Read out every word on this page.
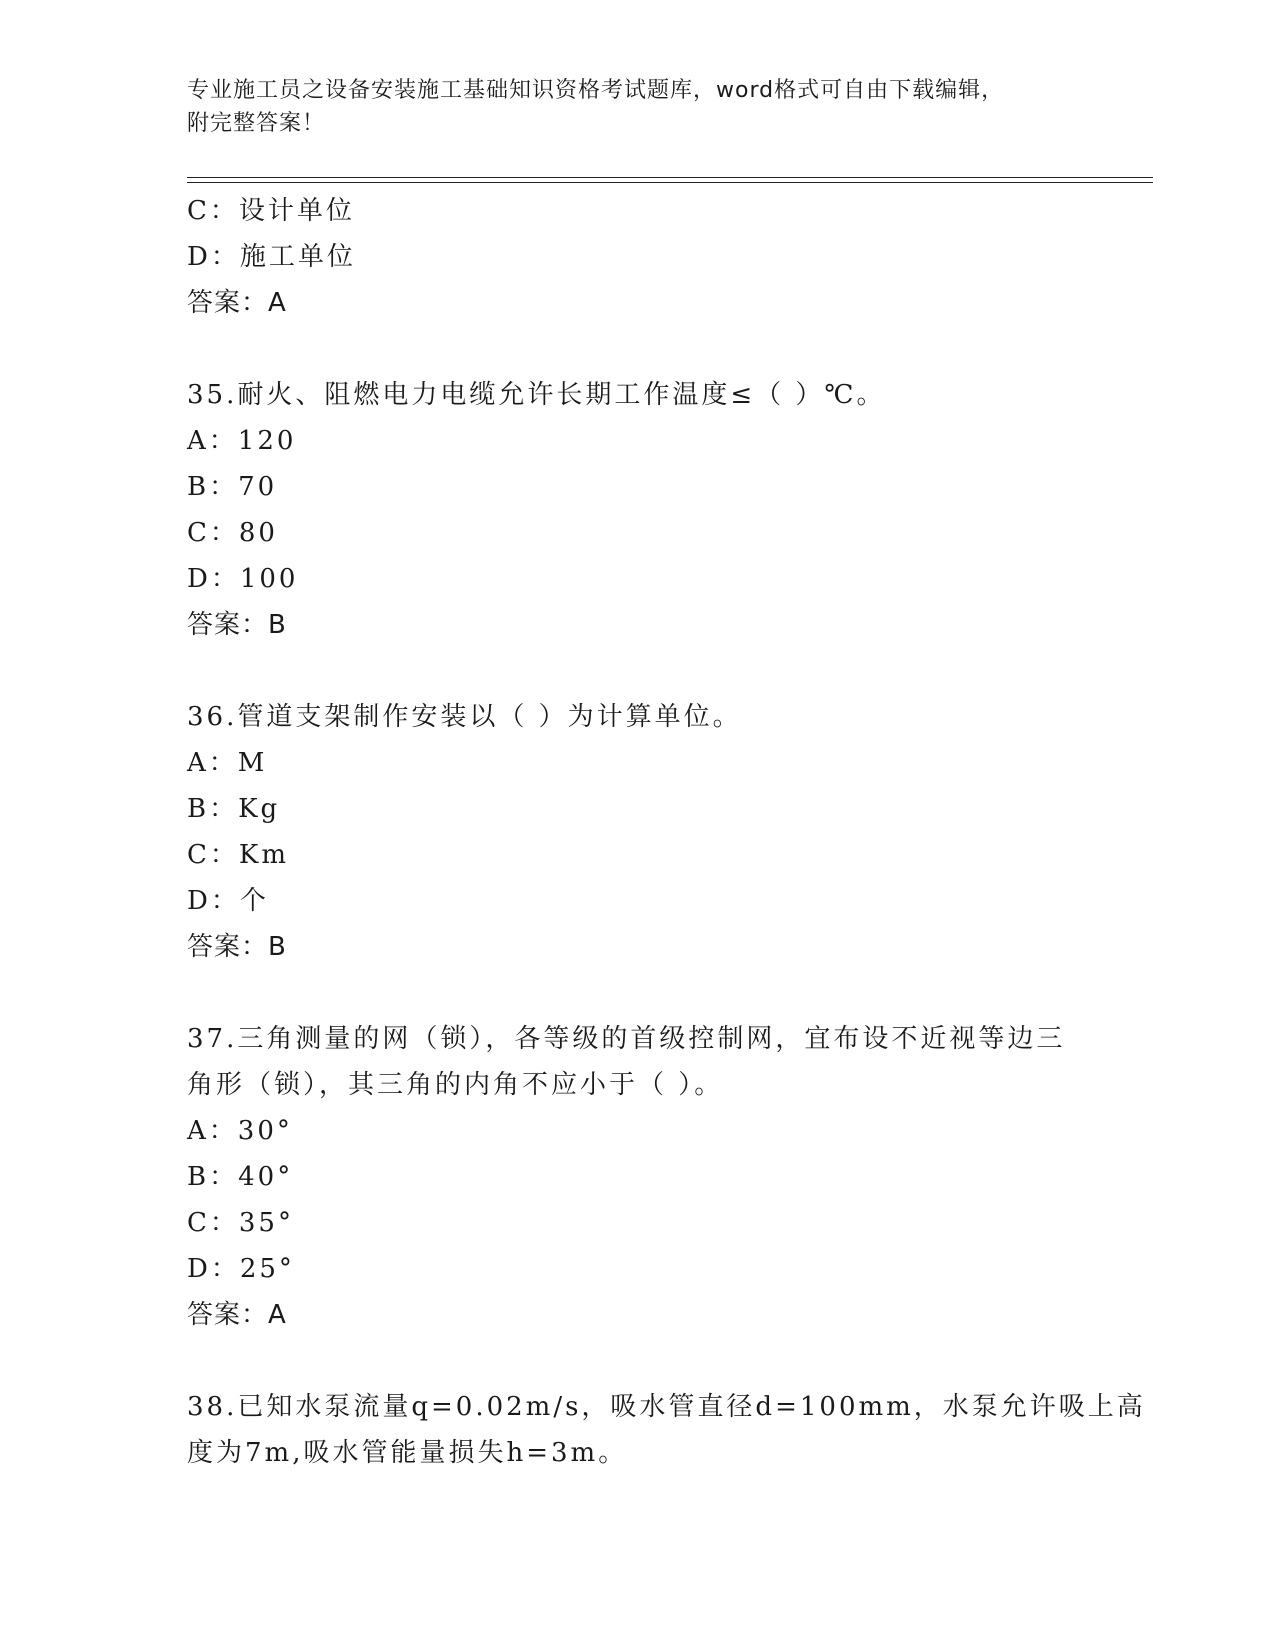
专业施工员之设备安装施工基础知识资格考试题库，word格式可自由下载编辑，
附完整答案！
C：设计单位
D：施工单位
答案：A
35.耐火、阻燃电力电缆允许长期工作温度≤（ ）℃。
A：120
B：70
C：80
D：100
答案：B
36.管道支架制作安装以（ ）为计算单位。
A：M
B：Kg
C：Km
D：个
答案：B
37.三角测量的网（锁），各等级的首级控制网，宜布设不近视等边三
角形（锁），其三角的内角不应小于（ ）。
A：30°
B：40°
C：35°
D：25°
答案：A
38.已知水泵流量q=0.02m/s，吸水管直径d=100mm，水泵允许吸上高
度为7m,吸水管能量损失h=3m。
